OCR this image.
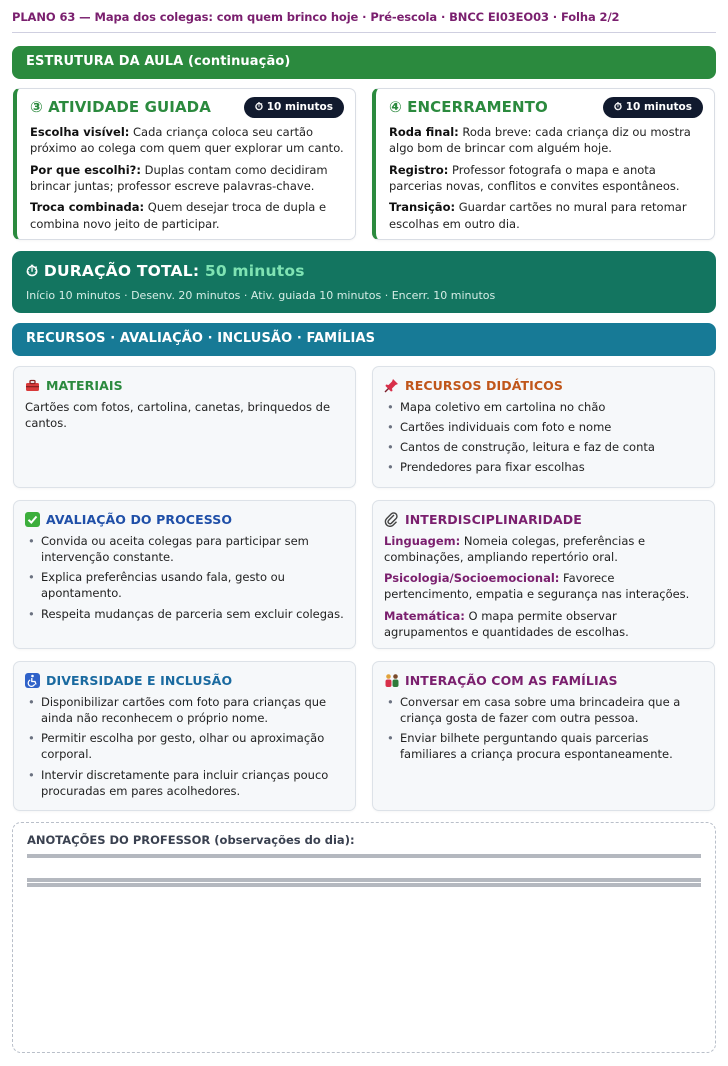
PLANO 63 — Mapa dos colegas: com quem brinco hoje · Pré-escola · BNCC EI03EO03 · Folha 2/2
ESTRUTURA DA AULA (continuação)
③ ATIVIDADE GUIADA	⏱ 10 minutos
Escolha visível: Cada criança coloca seu cartão próximo ao colega com quem quer explorar um canto.
Por que escolhi?: Duplas contam como decidiram brincar juntas; professor escreve palavras-chave.
Troca combinada: Quem desejar troca de dupla e combina novo jeito de participar.
④ ENCERRAMENTO	⏱ 10 minutos
Roda final: Roda breve: cada criança diz ou mostra algo bom de brincar com alguém hoje.
Registro: Professor fotografa o mapa e anota parcerias novas, conflitos e convites espontâneos.
Transição: Guardar cartões no mural para retomar escolhas em outro dia.
⏱ DURAÇÃO TOTAL: 50 minutos
Início 10 minutos · Desenv. 20 minutos · Ativ. guiada 10 minutos · Encerr. 10 minutos
RECURSOS · AVALIAÇÃO · INCLUSÃO · FAMÍLIAS
MATERIAIS
Cartões com fotos, cartolina, canetas, brinquedos de cantos.
RECURSOS DIDÁTICOS
• Mapa coletivo em cartolina no chão
• Cartões individuais com foto e nome
• Cantos de construção, leitura e faz de conta
• Prendedores para fixar escolhas
AVALIAÇÃO DO PROCESSO
• Convida ou aceita colegas para participar sem intervenção constante.
• Explica preferências usando fala, gesto ou apontamento.
• Respeita mudanças de parceria sem excluir colegas.
INTERDISCIPLINARIDADE
Linguagem: Nomeia colegas, preferências e combinações, ampliando repertório oral.
Psicologia/Socioemocional: Favorece pertencimento, empatia e segurança nas interações.
Matemática: O mapa permite observar agrupamentos e quantidades de escolhas.
DIVERSIDADE E INCLUSÃO
• Disponibilizar cartões com foto para crianças que ainda não reconhecem o próprio nome.
• Permitir escolha por gesto, olhar ou aproximação corporal.
• Intervir discretamente para incluir crianças pouco procuradas em pares acolhedores.
INTERAÇÃO COM AS FAMÍLIAS
• Conversar em casa sobre uma brincadeira que a criança gosta de fazer com outra pessoa.
• Enviar bilhete perguntando quais parcerias familiares a criança procura espontaneamente.
ANOTAÇÕES DO PROFESSOR (observações do dia):
